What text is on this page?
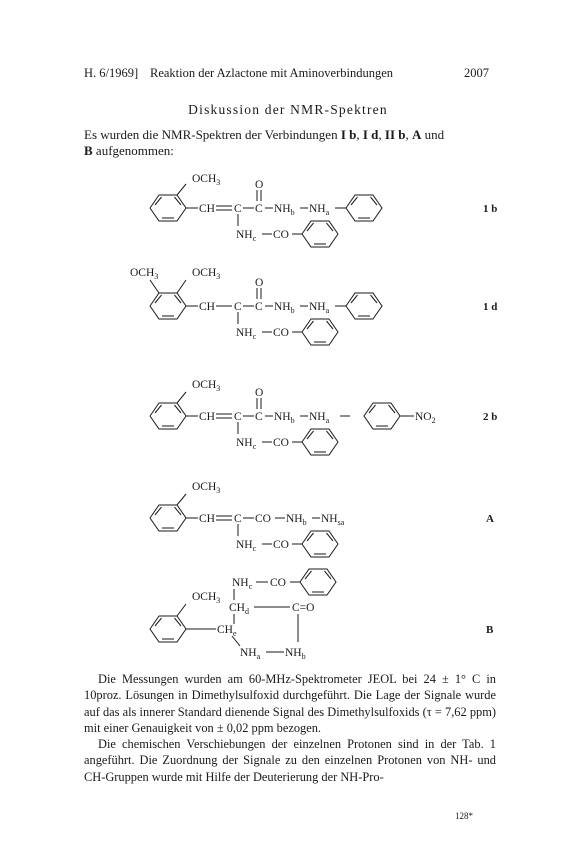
H. 6/1969] Reaktion der Azlactone mit Aminoverbindungen	2007
Diskussion der NMR-Spektren
Es wurden die NMR-Spektren der Verbindungen I b, I d, II b, A und
B aufgenommen:
$OCH_3$
CH C C
O
$NH_b$ $NH_a$
$NH_c$ CO
1 b
$OCH_3$	$OCH_3$
CH C C
O
$NH_b$ $NH_a$
$NH_c$ CO
1 d
$OCH_3$
CH C C
O
$NH_b$ $NH_a$	$NO_2$
$NH_c$ CO
2 b
$OCH_3$
CH C CO $NH_b$ $NH_{sa}$
$NH_c$ CO
A
$OCH_3$
$NH_c$ CO
$CH_d$	C=O
$CH_e$
$NH_a$ $NH_b$
B

Die Messungen wurden am 60-MHz-Spektrometer JEOL bei 24 ± 1° C in 10proz. Lösungen in Dimethylsulfoxid durchgeführt. Die Lage der Signale wurde auf das als innerer Standard dienende Signal des Dimethylsulfoxids (τ = 7,62 ppm) mit einer Genauigkeit von ± 0,02 ppm bezogen.

Die chemischen Verschiebungen der einzelnen Protonen sind in der Tab. 1 angeführt. Die Zuordnung der Signale zu den einzelnen Protonen von NH- und CH-Gruppen wurde mit Hilfe der Deuterierung der NH-Pro-

128*
